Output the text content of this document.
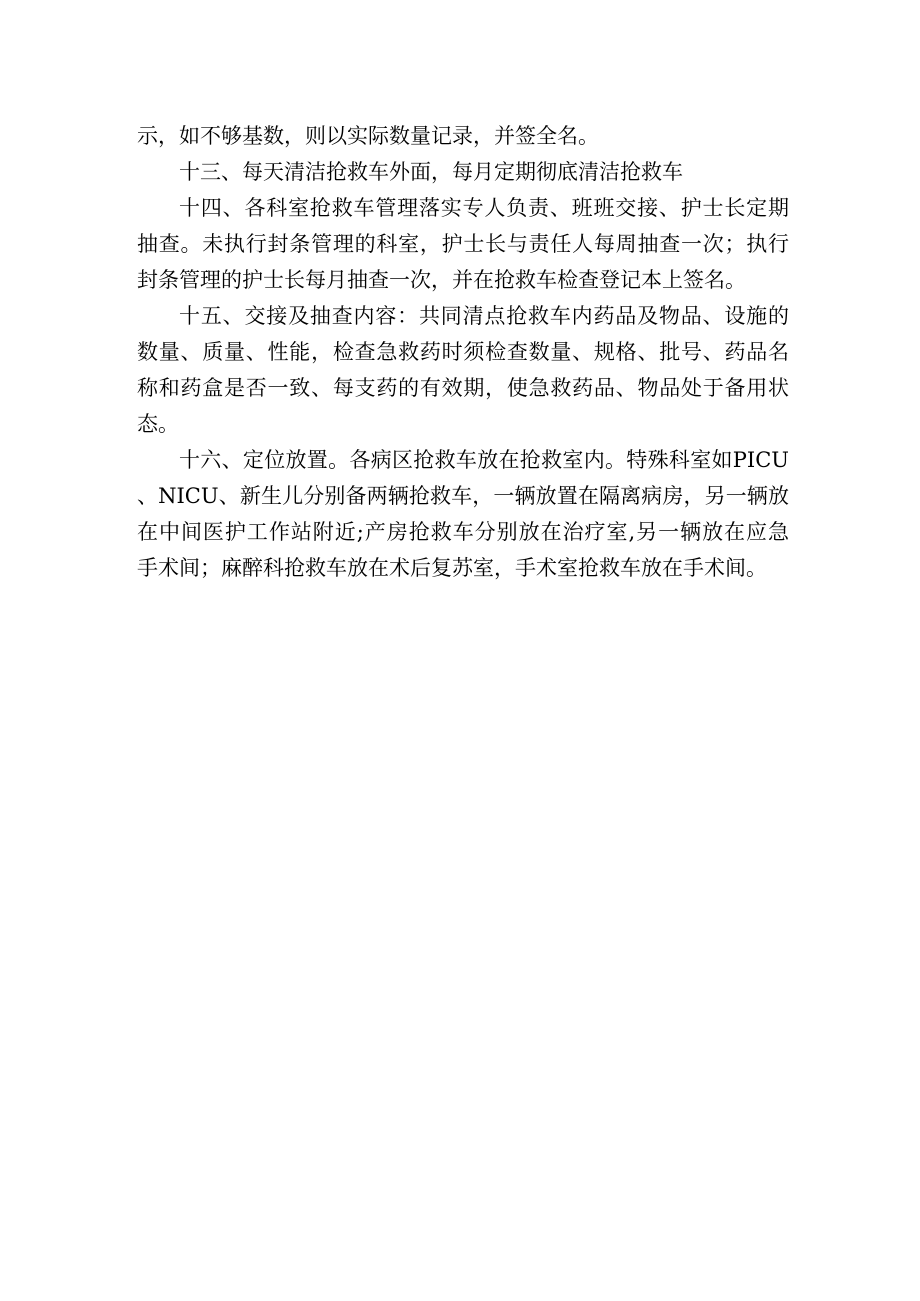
示，如不够基数，则以实际数量记录，并签全名。
十三、每天清洁抢救车外面，每月定期彻底清洁抢救车
十四、各科室抢救车管理落实专人负责、班班交接、护士长定期
抽查。未执行封条管理的科室，护士长与责任人每周抽查一次；执行
封条管理的护士长每月抽查一次，并在抢救车检查登记本上签名。
十五、交接及抽查内容：共同清点抢救车内药品及物品、设施的
数量、质量、性能，检查急救药时须检查数量、规格、批号、药品名
称和药盒是否一致、每支药的有效期，使急救药品、物品处于备用状
态。
十六、定位放置。各病区抢救车放在抢救室内。特殊科室如PICU
、NICU、新生儿分别备两辆抢救车，一辆放置在隔离病房，另一辆放
在中间医护工作站附近;产房抢救车分别放在治疗室,另一辆放在应急
手术间；麻醉科抢救车放在术后复苏室，手术室抢救车放在手术间。
